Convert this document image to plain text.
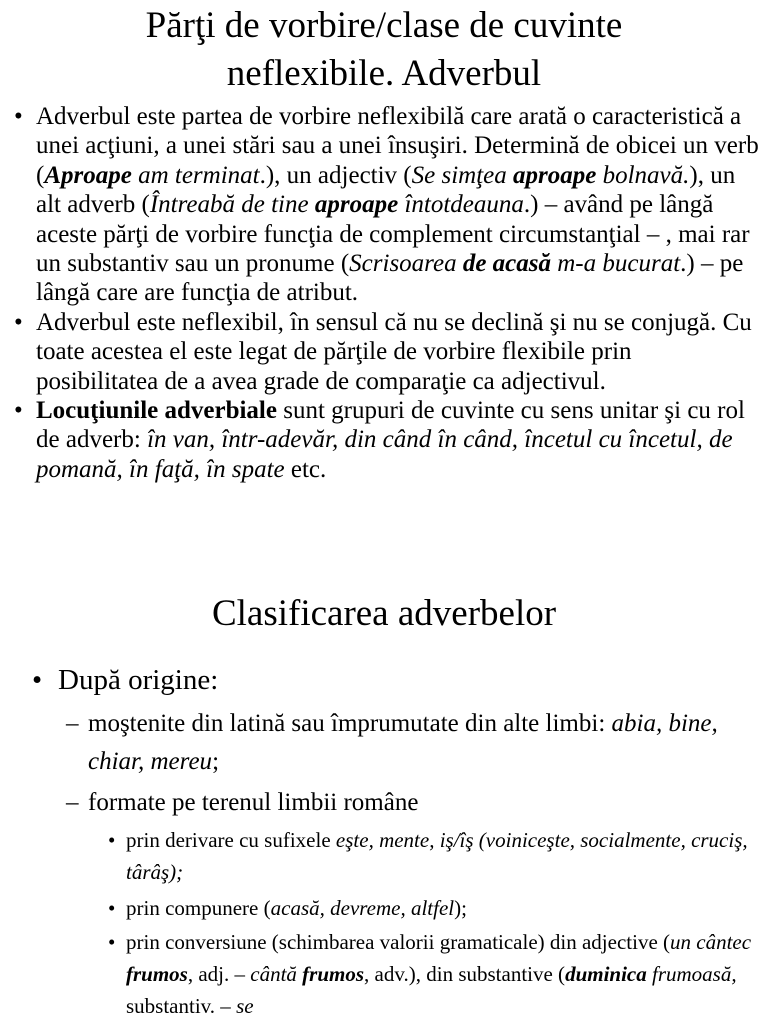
Părţi de vorbire/clase de cuvinte
neflexibile. Adverbul
• Adverbul este partea de vorbire neflexibilă care arată o caracteristică a unei acţiuni, a unei stări sau a unei însuşiri. Determină de obicei un verb (Aproape am terminat.), un adjectiv (Se simţea aproape bolnavă.), un alt adverb (Întreabă de tine aproape întotdeauna.) – având pe lângă aceste părţi de vorbire funcţia de complement circumstanţial – , mai rar un substantiv sau un pronume (Scrisoarea de acasă m-a bucurat.) – pe lângă care are funcţia de atribut.
• Adverbul este neflexibil, în sensul că nu se declină şi nu se conjugă. Cu toate acestea el este legat de părţile de vorbire flexibile prin posibilitatea de a avea grade de comparaţie ca adjectivul.
• Locuţiunile adverbiale sunt grupuri de cuvinte cu sens unitar şi cu rol de adverb: în van, într-adevăr, din când în când, încetul cu încetul, de pomană, în faţă, în spate etc.
Clasificarea adverbelor
• După origine:
– moştenite din latină sau împrumutate din alte limbi: abia, bine, chiar, mereu;
– formate pe terenul limbii române
• prin derivare cu sufixele eşte, mente, iş/îş (voiniceşte, socialmente, cruciş, târâş);
• prin compunere (acasă, devreme, altfel);
• prin conversiune (schimbarea valorii gramaticale) din adjective (un cântec frumos, adj. – cântă frumos, adv.), din substantive (duminica frumoasă, substantiv. – se
